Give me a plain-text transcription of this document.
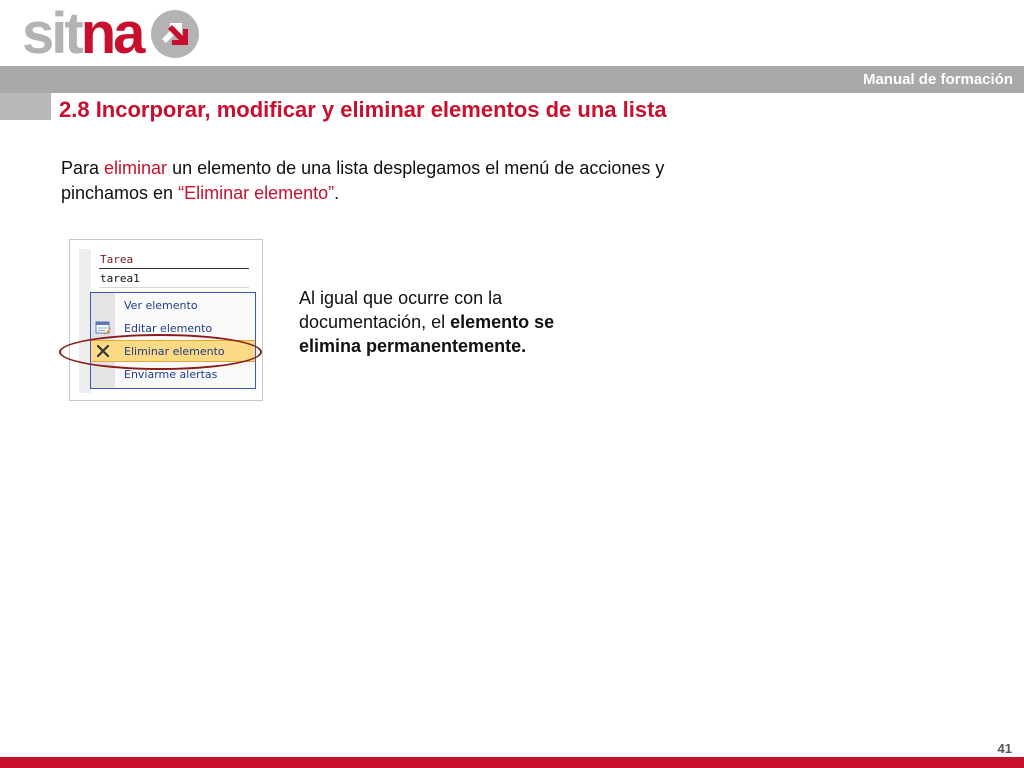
sitna
Manual de formación
2.8 Incorporar, modificar y eliminar elementos de una lista

Para eliminar un elemento de una lista desplegamos el menú de acciones y pinchamos en “Eliminar elemento”.

Tarea
tarea1
Ver elemento
Editar elemento
Eliminar elemento
Enviarme alertas

Al igual que ocurre con la documentación, el elemento se elimina permanentemente.

41
